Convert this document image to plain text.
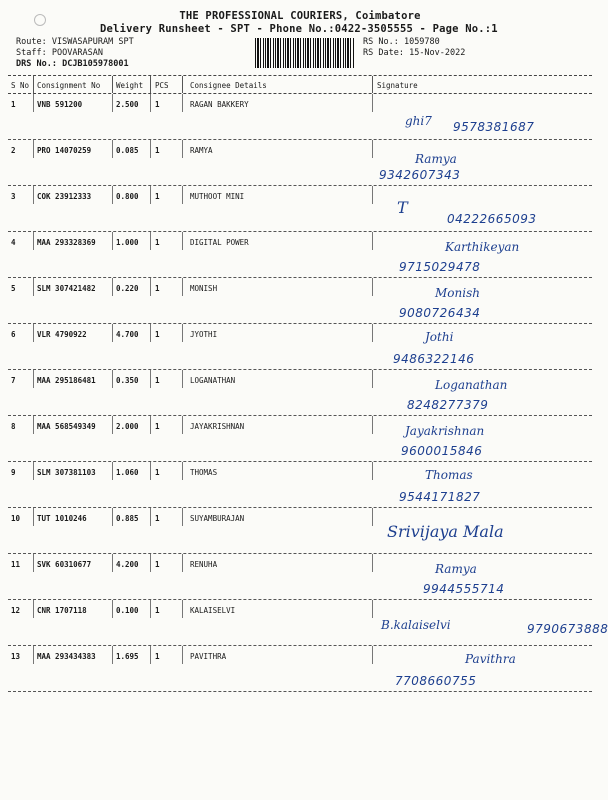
THE PROFESSIONAL COURIERS, Coimbatore
Delivery Runsheet - SPT - Phone No.:0422-3505555 - Page No.:1
Route: VISWASAPURAM SPT
Staff: POOVARASAN
DRS No.: DCJB105978001
RS No.: 1059780
RS Date: 15-Nov-2022
S No Consignment No Weight PCS	Consignee Details	Signature
1	VNB 591200	2.500 1	RAGAN BAKKERY
ghi7 9578381687
2	PRO 14070259	0.085 1	RAMYA
Ramya
9342607343
3	COK 23912333	0.800 1	MUTHOOT MINI
T
04222665093
4	MAA 293328369	1.000 1	DIGITAL POWER	Karthikeyan
9715029478
5	SLM 307421482	0.220 1	MONISH	Monish
9080726434
6	VLR 4790922	4.700 1	JYOTHI	Jothi
9486322146
7	MAA 295186481	0.350 1	LOGANATHAN	Loganathan
8248277379
8	MAA 568549349	2.000 1	JAYAKRISHNAN	Jayakrishnan
9600015846
9	SLM 307381103	1.060 1	THOMAS	Thomas
9544171827
10 TUT 1010246	0.885 1	SUYAMBURAJAN
Srivijaya Mala
11 SVK 60310677	4.200 1	RENUHA	Ramya
9944555714
12 CNR 1707118	0.100 1	KALAISELVI
B.kalaiselvi	9790673888
13 MAA 293434383	1.695 1	PAVITHRA	Pavithra
7708660755
